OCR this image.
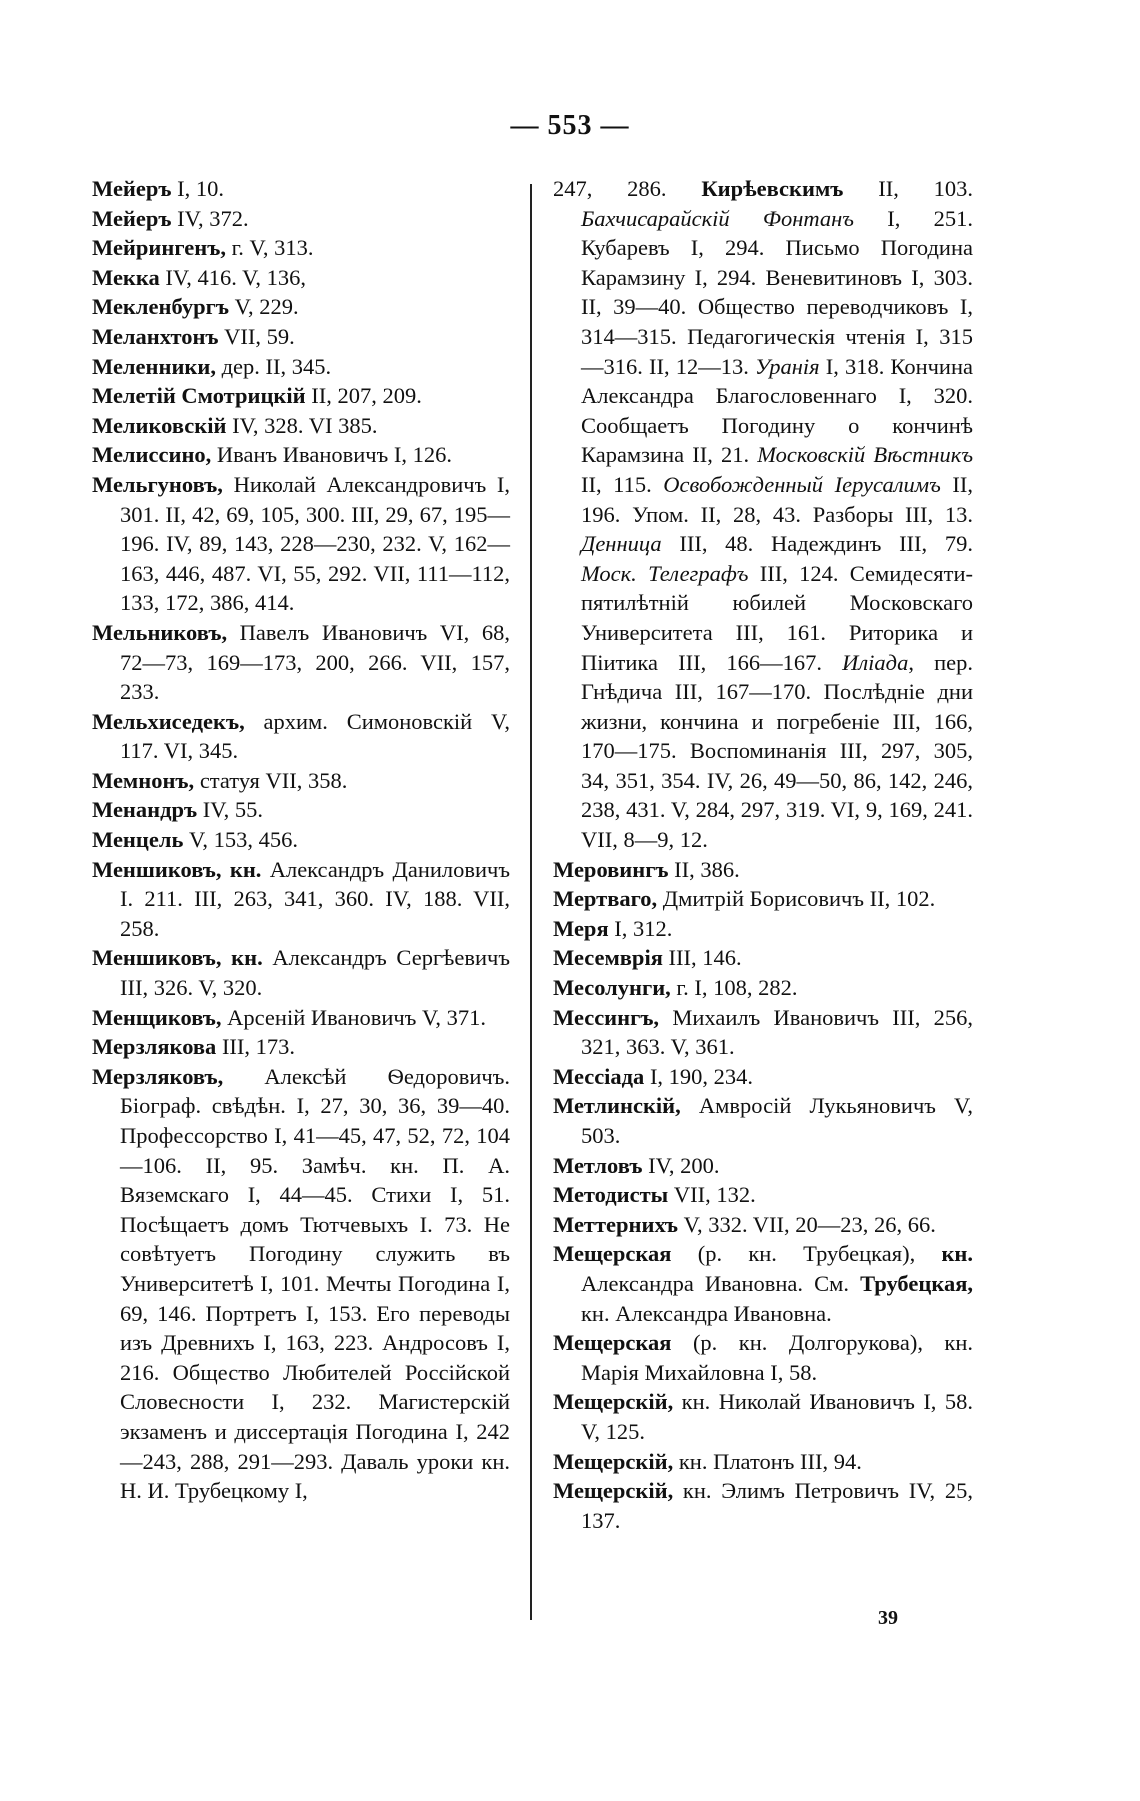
— 553 —

Мейеръ I, 10.

Мейеръ IV, 372.

Мейрингенъ, г. V, 313.

Мекка IV, 416. V, 136,

Мекленбургъ V, 229.

Меланхтонъ VII, 59.

Меленники, дер. II, 345.

Мелетій Смотрицкій II, 207, 209.

Меликовскій IV, 328. VI 385.

Мелиссино, Иванъ Ивановичъ I, 126.

Мельгуновъ, Николай Александровичъ I, 301. II, 42, 69, 105, 300. III, 29, 67, 195—196. IV, 89, 143, 228—230, 232. V, 162—163, 446, 487. VI, 55, 292. VII, 111—112, 133, 172, 386, 414.

Мельниковъ, Павелъ Ивановичъ VI, 68, 72—73, 169—173, 200, 266. VII, 157, 233.

Мельхиседекъ, архим. Симоновскій V, 117. VI, 345.

Мемнонъ, статуя VII, 358.

Менандръ IV, 55.

Менцель V, 153, 456.

Меншиковъ, кн. Александръ Даниловичъ I. 211. III, 263, 341, 360. IV, 188. VII, 258.

Меншиковъ, кн. Александръ Сергѣевичъ III, 326. V, 320.

Менщиковъ, Арсеній Ивановичъ V, 371.

Мерзлякова III, 173.

Мерзляковъ, Алексѣй Ѳедоровичъ. Біограф. свѣдѣн. I, 27, 30, 36, 39—40. Профессорство I, 41—45, 47, 52, 72, 104—106. II, 95. Замѣч. кн. П. А. Вяземскаго I, 44—45. Стихи I, 51. Посѣщаетъ домъ Тютчевыхъ I. 73. Не совѣтуетъ Погодину служить въ Университетѣ I, 101. Мечты Погодина I, 69, 146. Портретъ I, 153. Его переводы изъ Древнихъ I, 163, 223. Андросовъ I, 216. Общество Любителей Россійской Словесности I, 232. Магистерскій экзаменъ и диссертація Погодина I, 242—243, 288, 291—293. Даваль уроки кн. Н. И. Трубецкому I,

247, 286. Кирѣевскимъ II, 103. Бахчисарайскій Фонтанъ I, 251. Кубаревъ I, 294. Письмо Погодина Карамзину I, 294. Веневитиновъ I, 303. II, 39—40. Общество переводчиковъ I, 314—315. Педагогическія чтенія I, 315—316. II, 12—13. Уранія I, 318. Кончина Александра Благословеннаго I, 320. Сообщаетъ Погодину о кончинѣ Карамзина II, 21. Московскій Вѣстникъ II, 115. Освобожденный Іерусалимъ II, 196. Упом. II, 28, 43. Разборы III, 13. Денница III, 48. Надеждинъ III, 79. Моск. Телеграфъ III, 124. Семидесяти-пятилѣтній юбилей Московскаго Университета III, 161. Риторика и Піитика III, 166—167. Иліада, пер. Гнѣдича III, 167—170. Послѣдніе дни жизни, кончина и погребеніе III, 166, 170—175. Воспоминанія III, 297, 305, 34, 351, 354. IV, 26, 49—50, 86, 142, 246, 238, 431. V, 284, 297, 319. VI, 9, 169, 241. VII, 8—9, 12.

Меровингъ II, 386.

Мертваго, Дмитрій Борисовичъ II, 102.

Меря I, 312.

Месемврія III, 146.

Месолунги, г. I, 108, 282.

Мессингъ, Михаилъ Ивановичъ III, 256, 321, 363. V, 361.

Мессіада I, 190, 234.

Метлинскій, Амвросій Лукьяновичъ V, 503.

Метловъ IV, 200.

Методисты VII, 132.

Меттернихъ V, 332. VII, 20—23, 26, 66.

Мещерская (р. кн. Трубецкая), кн. Александра Ивановна. См. Трубецкая, кн. Александра Ивановна.

Мещерская (р. кн. Долгорукова), кн. Марія Михайловна I, 58.

Мещерскій, кн. Николай Ивановичъ I, 58. V, 125.

Мещерскій, кн. Платонъ III, 94.

Мещерскій, кн. Элимъ Петровичъ IV, 25, 137.

39
